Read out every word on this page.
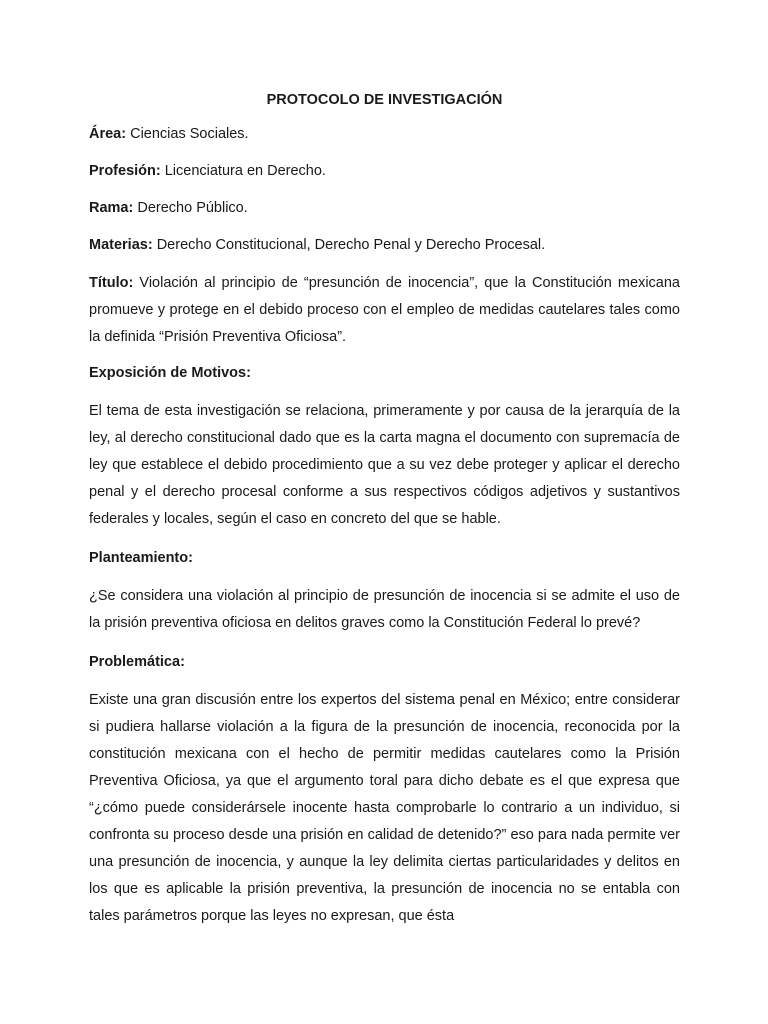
PROTOCOLO DE INVESTIGACIÓN
Área: Ciencias Sociales.
Profesión: Licenciatura en Derecho.
Rama: Derecho Público.
Materias: Derecho Constitucional, Derecho Penal y Derecho Procesal.
Título: Violación al principio de “presunción de inocencia”, que la Constitución mexicana promueve y protege en el debido proceso con el empleo de medidas cautelares tales como la definida “Prisión Preventiva Oficiosa”.
Exposición de Motivos:
El tema de esta investigación se relaciona, primeramente y por causa de la jerarquía de la ley, al derecho constitucional dado que es la carta magna el documento con supremacía de ley que establece el debido procedimiento que a su vez debe proteger y aplicar el derecho penal y el derecho procesal conforme a sus respectivos códigos adjetivos y sustantivos federales y locales, según el caso en concreto del que se hable.
Planteamiento:
¿Se considera una violación al principio de presunción de inocencia si se admite el uso de la prisión preventiva oficiosa en delitos graves como la Constitución Federal lo prevé?
Problemática:
Existe una gran discusión entre los expertos del sistema penal en México; entre considerar si pudiera hallarse violación a la figura de la presunción de inocencia, reconocida por la constitución mexicana con el hecho de permitir medidas cautelares como la Prisión Preventiva Oficiosa, ya que el argumento toral para dicho debate es el que expresa que “¿cómo puede considerársele inocente hasta comprobarle lo contrario a un individuo, si confronta su proceso desde una prisión en calidad de detenido?” eso para nada permite ver una presunción de inocencia, y aunque la ley delimita ciertas particularidades y delitos en los que es aplicable la prisión preventiva, la presunción de inocencia no se entabla con tales parámetros porque las leyes no expresan, que ésta
